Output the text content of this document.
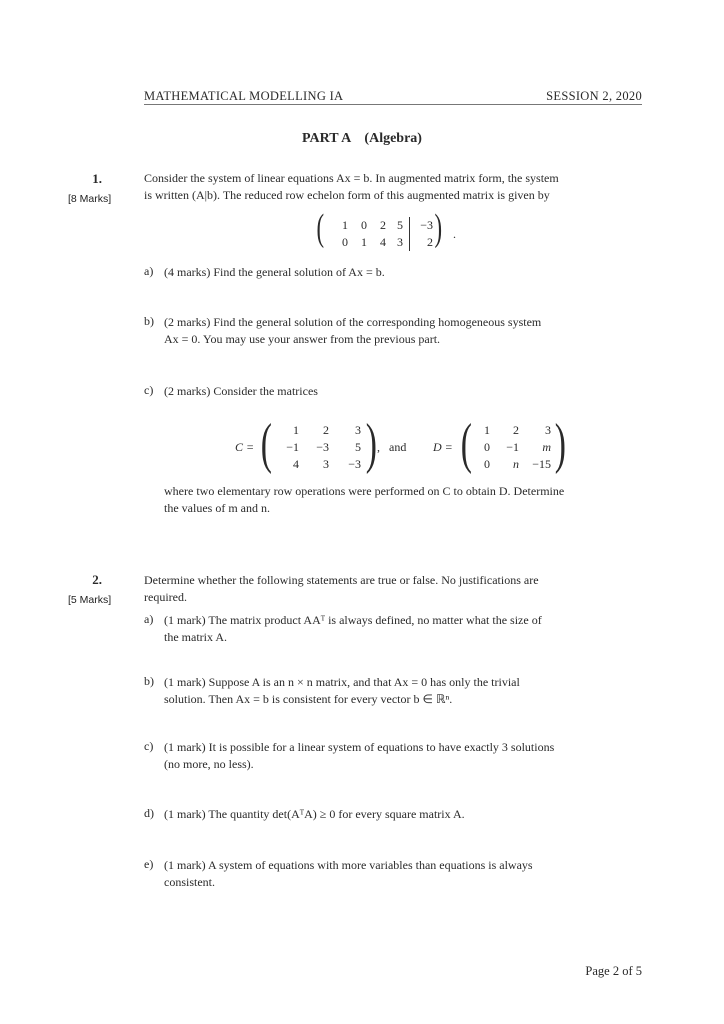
MATHEMATICAL MODELLING IA	SESSION 2, 2020
PART A    (Algebra)
1.
[8 Marks]
Consider the system of linear equations Ax = b. In augmented matrix form, the system
is written (A|b). The reduced row echelon form of this augmented matrix is given by
(	1	0	2 5	−3
0	1	4 3	2 ) .
a) (4 marks) Find the general solution of Ax = b.
b) (2 marks) Find the general solution of the corresponding homogeneous system
Ax = 0. You may use your answer from the previous part.
c) (2 marks) Consider the matrices
C = (	1	2	3
−1	−3	5
4	3	−3 ) ,   and D = (	1	2	3
0	−1	m
0	n	−15 )
where two elementary row operations were performed on C to obtain D. Determine
the values of m and n.
2.
[5 Marks]
Determine whether the following statements are true or false. No justifications are
required.
a) (1 mark) The matrix product AAᵀ is always defined, no matter what the size of
the matrix A.
b) (1 mark) Suppose A is an n × n matrix, and that Ax = 0 has only the trivial
solution. Then Ax = b is consistent for every vector b ∈ ℝⁿ.
c) (1 mark) It is possible for a linear system of equations to have exactly 3 solutions
(no more, no less).
d) (1 mark) The quantity det(AᵀA) ≥ 0 for every square matrix A.
e) (1 mark) A system of equations with more variables than equations is always
consistent.
Page 2 of 5
